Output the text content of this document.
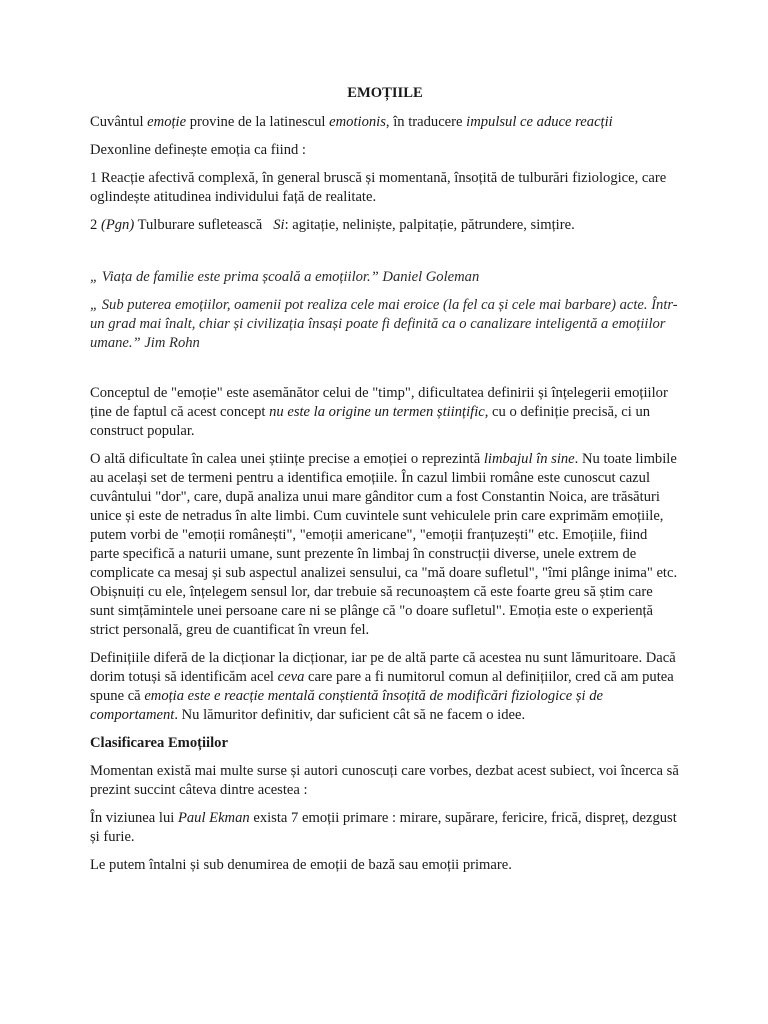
EMOȚIILE

Cuvântul emoție provine de la latinescul emotionis, în traducere impulsul ce aduce reacții

Dexonline definește emoția ca fiind :

1 Reacție afectivă complexă, în general bruscă și momentană, însoțită de tulburări fiziologice, care oglindește atitudinea individului față de realitate.

2 (Pgn) Tulburare sufletească   Si: agitație, neliniște, palpitație, pătrundere, simțire.

„ Viața de familie este prima școală a emoțiilor.” Daniel Goleman

„ Sub puterea emoțiilor, oamenii pot realiza cele mai eroice (la fel ca și cele mai barbare) acte. Într-un grad mai înalt, chiar și civilizația însași poate fi definită ca o canalizare inteligentă a emoțiilor umane.” Jim Rohn

Conceptul de "emoție" este asemănător celui de "timp", dificultatea definirii și înțelegerii emoțiilor ține de faptul că acest concept nu este la origine un termen științific, cu o definiție precisă, ci un construct popular.

O altă dificultate în calea unei științe precise a emoției o reprezintă limbajul în sine. Nu toate limbile au același set de termeni pentru a identifica emoțiile. În cazul limbii române este cunoscut cazul cuvântului "dor", care, după analiza unui mare gânditor cum a fost Constantin Noica, are trăsături unice și este de netradus în alte limbi. Cum cuvintele sunt vehiculele prin care exprimăm emoțiile, putem vorbi de "emoții românești", "emoții americane", "emoții franțuzești" etc. Emoțiile, fiind parte specifică a naturii umane, sunt prezente în limbaj în construcții diverse, unele extrem de complicate ca mesaj și sub aspectul analizei sensului, ca "mă doare sufletul", "îmi plânge inima" etc. Obișnuiți cu ele, înțelegem sensul lor, dar trebuie să recunoaștem că este foarte greu să știm care sunt simțămintele unei persoane care ni se plânge că "o doare sufletul". Emoția este o experiență strict personală, greu de cuantificat în vreun fel.

Definițiile diferă de la dicționar la dicționar, iar pe de altă parte că acestea nu sunt lămuritoare. Dacă dorim totuși să identificăm acel ceva care pare a fi numitorul comun al definițiilor, cred că am putea spune că emoția este e reacție mentală conștientă însoțită de modificări fiziologice și de comportament. Nu lămuritor definitiv, dar suficient cât să ne facem o idee.

Clasificarea Emoțiilor

Momentan există mai multe surse și autori cunoscuți care vorbes, dezbat acest subiect, voi încerca să prezint succint câteva dintre acestea :

În viziunea lui Paul Ekman exista 7 emoții primare : mirare, supărare, fericire, frică, dispreț, dezgust și furie.

Le putem întalni și sub denumirea de emoții de bază sau emoții primare.
